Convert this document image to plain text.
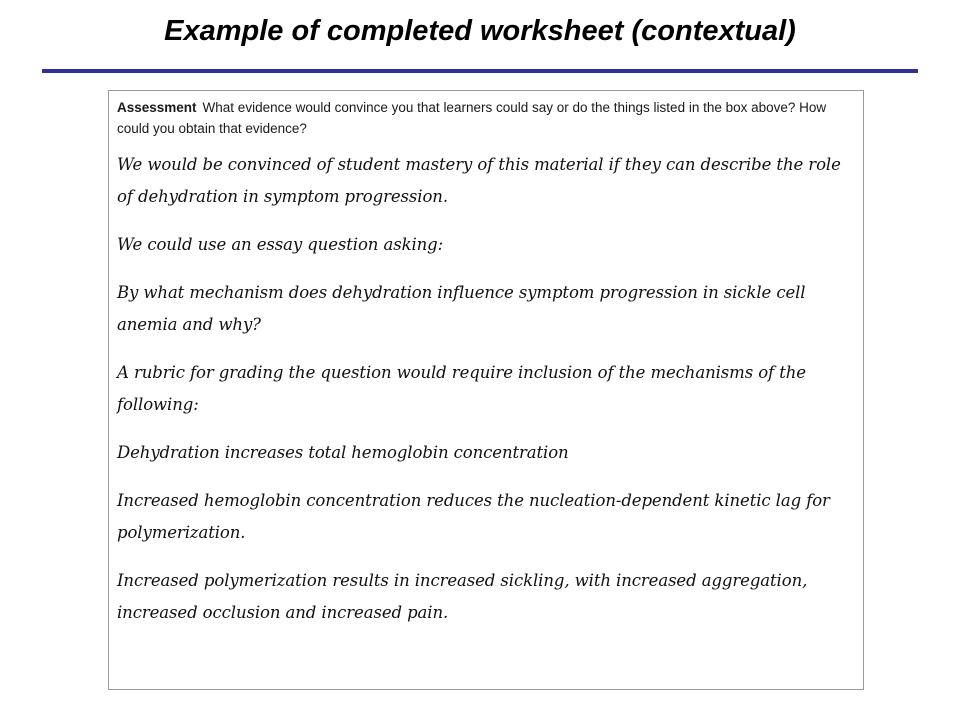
Example of completed worksheet (contextual)

Assessment What evidence would convince you that learners could say or do the things listed in the box above? How could you obtain that evidence?

We would be convinced of student mastery of this material if they can describe the role of dehydration in symptom progression.
We could use an essay question asking:
By what mechanism does dehydration influence symptom progression in sickle cell anemia and why?
A rubric for grading the question would require inclusion of the mechanisms of the following:
Dehydration increases total hemoglobin concentration
Increased hemoglobin concentration reduces the nucleation-dependent kinetic lag for polymerization.
Increased polymerization results in increased sickling, with increased aggregation, increased occlusion and increased pain.
